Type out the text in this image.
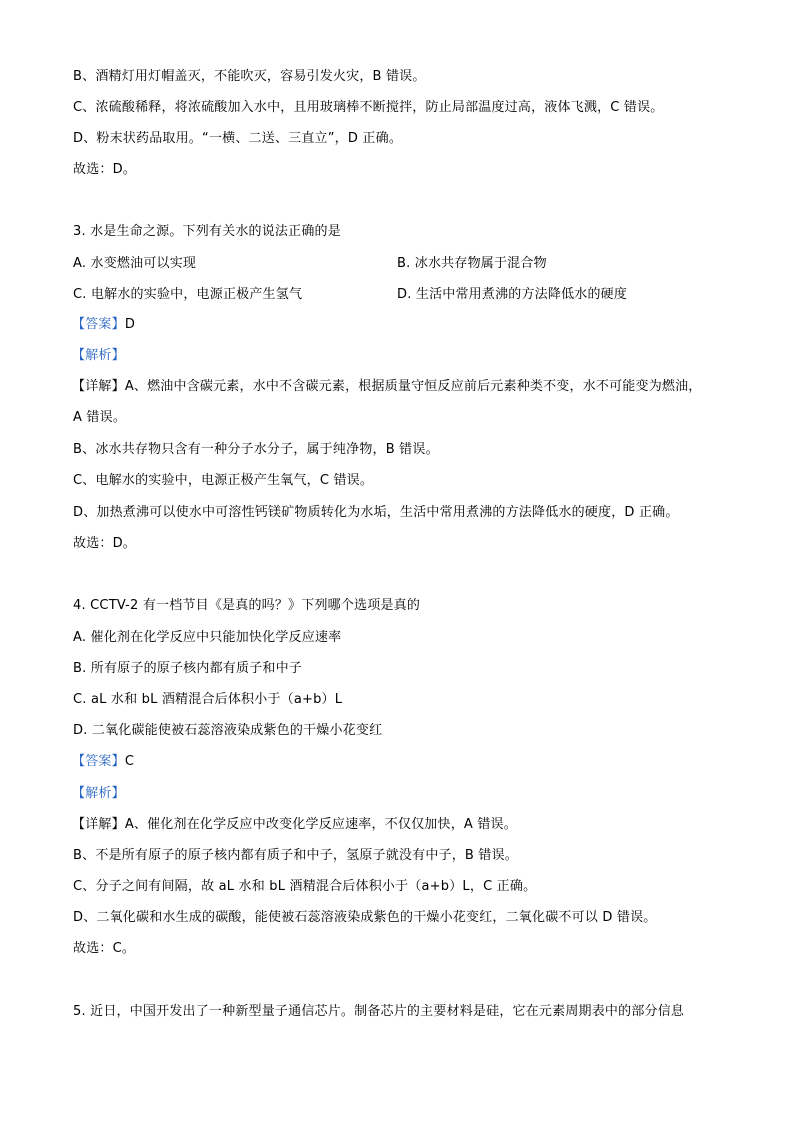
B、酒精灯用灯帽盖灭，不能吹灭，容易引发火灾，B 错误。
C、浓硫酸稀释，将浓硫酸加入水中，且用玻璃棒不断搅拌，防止局部温度过高，液体飞溅，C 错误。
D、粉末状药品取用。“一横、二送、三直立”，D 正确。
故选：D。
3. 水是生命之源。下列有关水的说法正确的是
A. 水变燃油可以实现	B. 冰水共存物属于混合物
C. 电解水的实验中，电源正极产生氢气	D. 生活中常用煮沸的方法降低水的硬度
【答案】D
【解析】
【详解】A、燃油中含碳元素，水中不含碳元素，根据质量守恒反应前后元素种类不变，水不可能变为燃油，
A 错误。
B、冰水共存物只含有一种分子水分子，属于纯净物，B 错误。
C、电解水的实验中，电源正极产生氧气，C 错误。
D、加热煮沸可以使水中可溶性钙镁矿物质转化为水垢，生活中常用煮沸的方法降低水的硬度，D 正确。
故选：D。
4. CCTV-2 有一档节目《是真的吗？》下列哪个选项是真的
A. 催化剂在化学反应中只能加快化学反应速率
B. 所有原子的原子核内都有质子和中子
C. aL 水和 bL 酒精混合后体积小于（a+b）L
D. 二氧化碳能使被石蕊溶液染成紫色的干燥小花变红
【答案】C
【解析】
【详解】A、催化剂在化学反应中改变化学反应速率，不仅仅加快，A 错误。
B、不是所有原子的原子核内都有质子和中子，氢原子就没有中子，B 错误。
C、分子之间有间隔，故 aL 水和 bL 酒精混合后体积小于（a+b）L，C 正确。
D、二氧化碳和水生成的碳酸，能使被石蕊溶液染成紫色的干燥小花变红，二氧化碳不可以 D 错误。
故选：C。
5. 近日，中国开发出了一种新型量子通信芯片。制备芯片的主要材料是硅，它在元素周期表中的部分信息
